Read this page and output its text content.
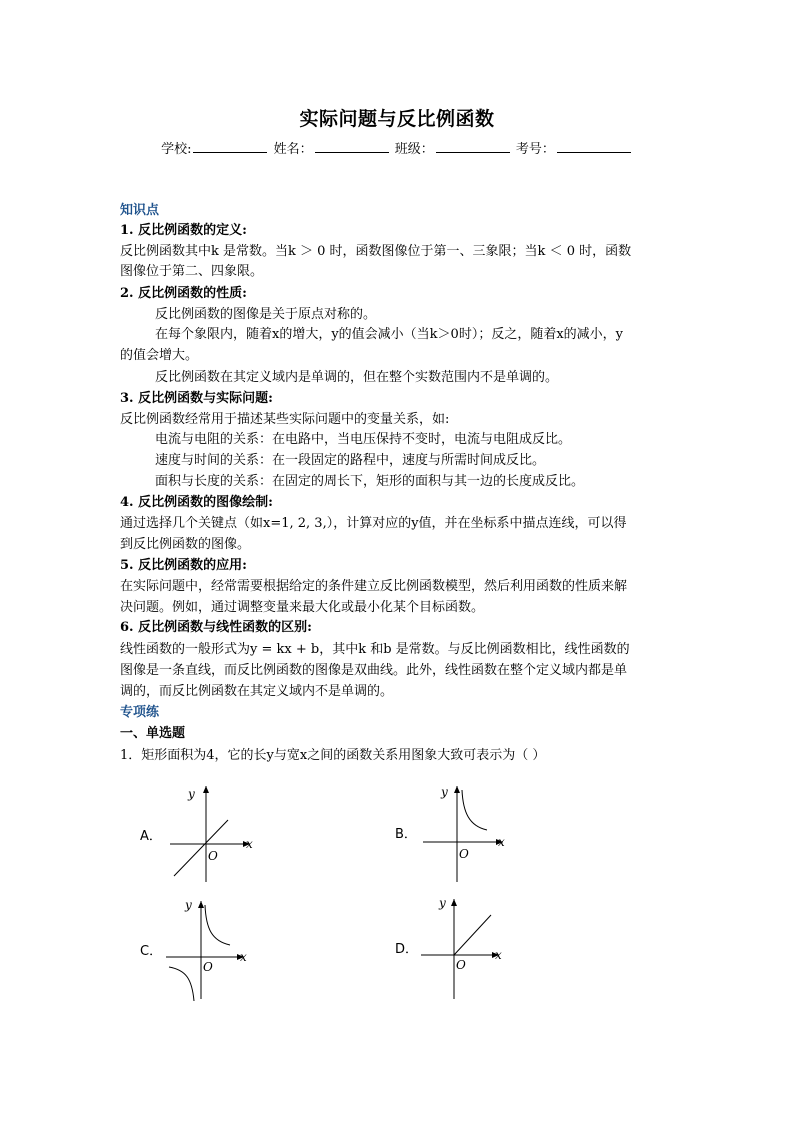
实际问题与反比例函数
学校:	姓名：	班级：	考号：
知识点
1. 反比例函数的定义:
反比例函数其中k 是常数。当k ＞ 0 时，函数图像位于第一、三象限；当k ＜ 0 时，函数
图像位于第二、四象限。
2. 反比例函数的性质:
反比例函数的图像是关于原点对称的。
在每个象限内，随着x的增大，y的值会减小（当k＞0时）；反之，随着x的减小，y
的值会增大。
反比例函数在其定义域内是单调的，但在整个实数范围内不是单调的。
3. 反比例函数与实际问题:
反比例函数经常用于描述某些实际问题中的变量关系，如:
电流与电阻的关系：在电路中，当电压保持不变时，电流与电阻成反比。
速度与时间的关系：在一段固定的路程中，速度与所需时间成反比。
面积与长度的关系：在固定的周长下，矩形的面积与其一边的长度成反比。
4. 反比例函数的图像绘制:
通过选择几个关键点（如x=1, 2, 3,），计算对应的y值，并在坐标系中描点连线，可以得
到反比例函数的图像。
5. 反比例函数的应用:
在实际问题中，经常需要根据给定的条件建立反比例函数模型，然后利用函数的性质来解
决问题。例如，通过调整变量来最大化或最小化某个目标函数。
6. 反比例函数与线性函数的区别:
线性函数的一般形式为y = kx + b，其中k 和b 是常数。与反比例函数相比，线性函数的
图像是一条直线，而反比例函数的图像是双曲线。此外，线性函数在整个定义域内都是单
调的，而反比例函数在其定义域内不是单调的。
专项练
一、单选题
1．矩形面积为4，它的长y与宽x之间的函数关系用图象大致可表示为（ ）
A．
y
x
O
B．
y
x
O
C．
y
x
O
D．
y
x
O
